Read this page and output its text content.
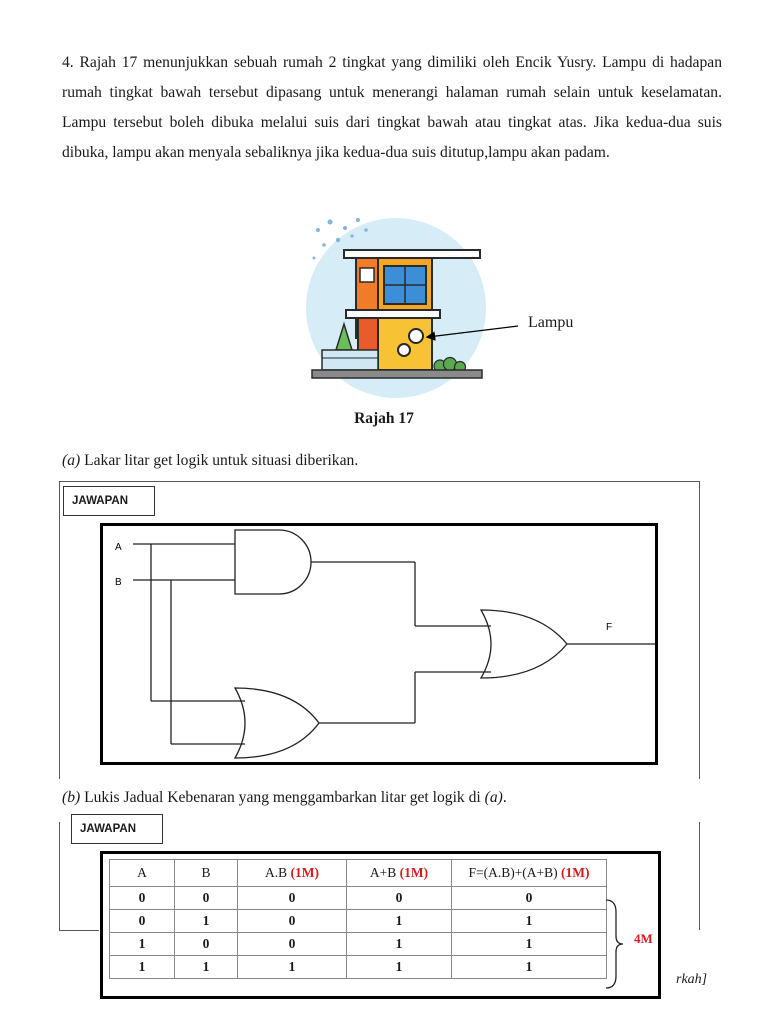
4. Rajah 17 menunjukkan sebuah rumah 2 tingkat yang dimiliki oleh Encik Yusry. Lampu di hadapan rumah tingkat bawah tersebut dipasang untuk menerangi halaman rumah selain untuk keselamatan. Lampu tersebut boleh dibuka melalui suis dari tingkat bawah atau tingkat atas. Jika kedua-dua suis dibuka, lampu akan menyala sebaliknya jika kedua-dua suis ditutup,lampu akan padam.

Lampu
Rajah 17
(a) Lakar litar get logik untuk situasi diberikan.
JAWAPAN
A
B
F
(b) Lukis Jadual Kebenaran yang menggambarkan litar get logik di (a).
JAWAPAN
A	B	A.B (1M)	A+B (1M)	F=(A.B)+(A+B) (1M)
0	0	0	0	0
0	1	0	1	1
1	0	0	1	1
1	1	1	1	1
4M
rkah]
